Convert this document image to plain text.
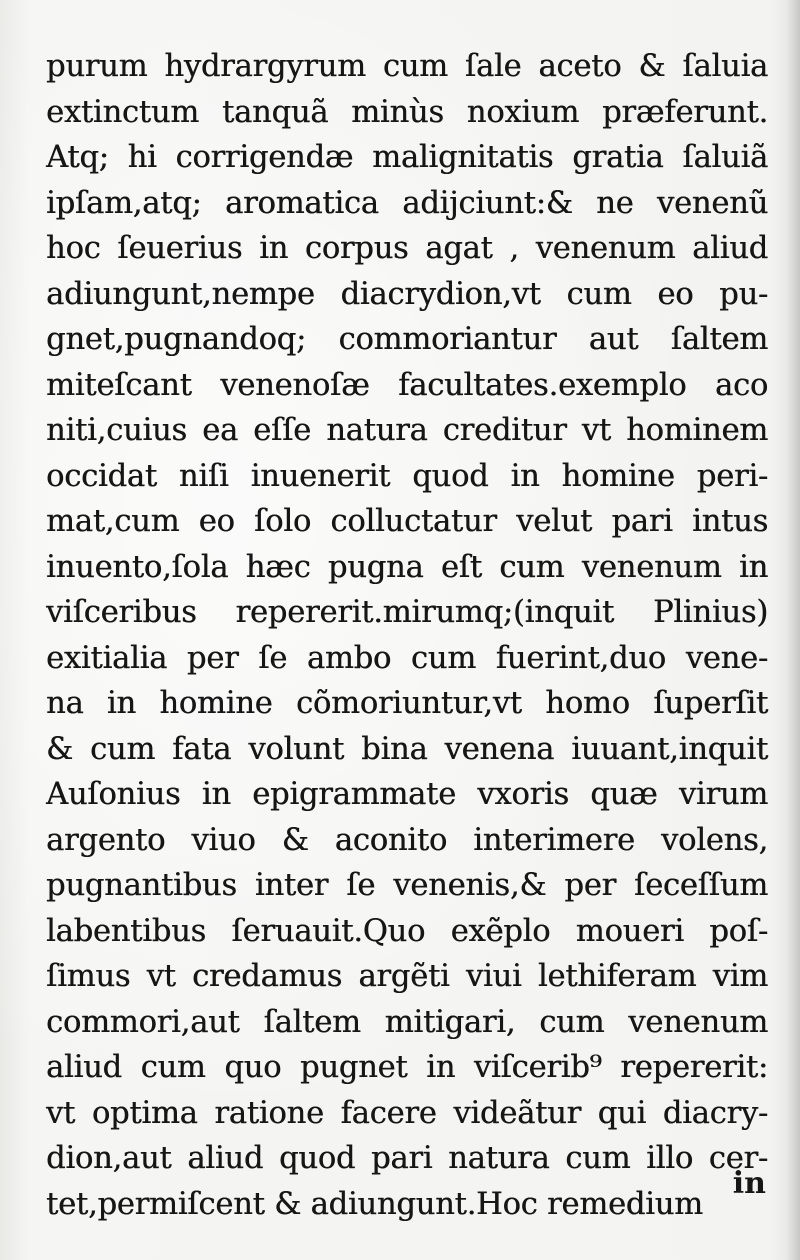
purum hydrargyrum cum ſale aceto & ſaluia
extinctum tanquã minùs noxium præferunt.
Atq; hi corrigendæ malignitatis gratia ſaluiã
ipſam,atq; aromatica adijciunt:& ne venenũ
hoc ſeuerius in corpus agat , venenum aliud
adiungunt,nempe diacrydion,vt cum eo pu-
gnet,pugnandoq; commoriantur aut ſaltem
miteſcant venenoſæ facultates.exemplo aco
niti,cuius ea eſſe natura creditur vt hominem
occidat niſi inuenerit quod in homine peri-
mat,cum eo ſolo colluctatur velut pari intus
inuento,ſola hæc pugna eſt cum venenum in
viſceribus repererit.mirumq;(inquit Plinius)
exitialia per ſe ambo cum fuerint,duo vene-
na in homine cõmoriuntur,vt homo ſuperſit
& cum fata volunt bina venena iuuant,inquit
Auſonius in epigrammate vxoris quæ virum
argento viuo & aconito interimere volens,
pugnantibus inter ſe venenis,& per ſeceſſum
labentibus ſeruauit.Quo exẽplo moueri poſ-
ſimus vt credamus argẽti viui lethiferam vim
commori,aut ſaltem mitigari, cum venenum
aliud cum quo pugnet in viſcerib⁹ repererit:
vt optima ratione facere videãtur qui diacry-
dion,aut aliud quod pari natura cum illo cer-
tet,permiſcent & adiungunt.Hoc remedium
in
